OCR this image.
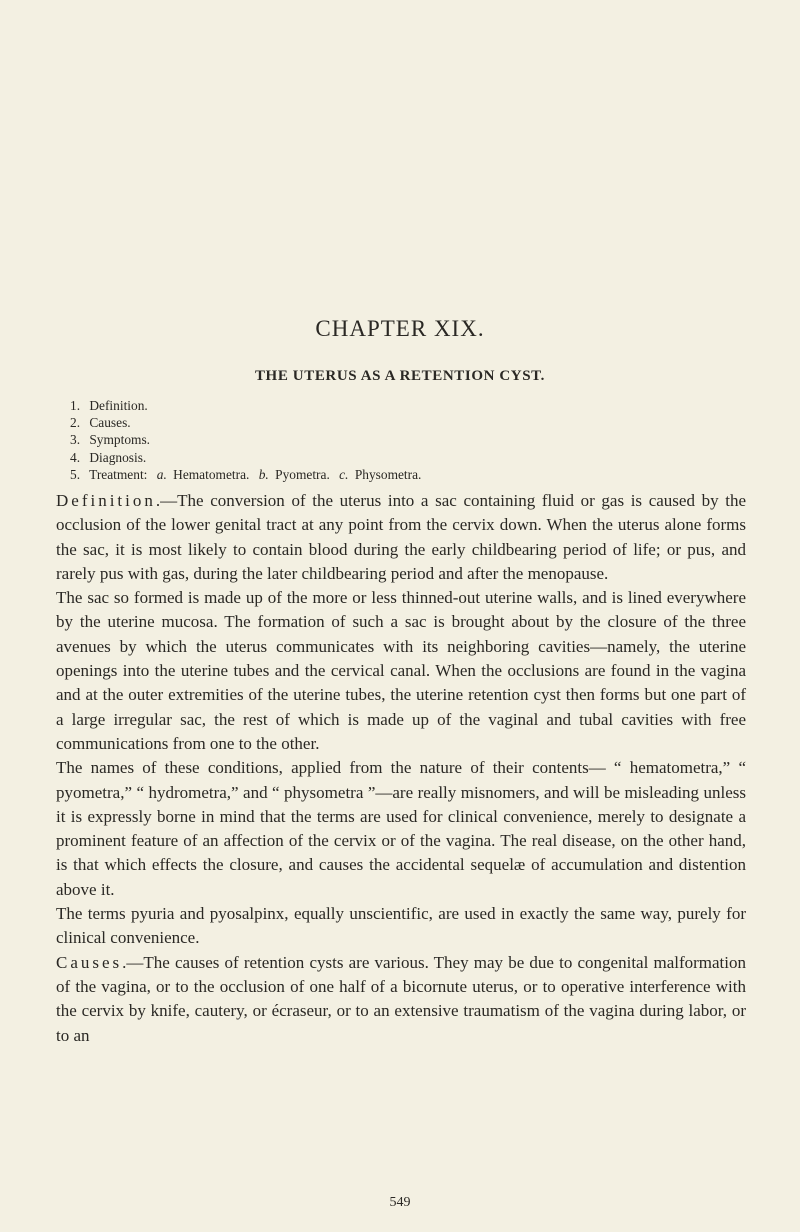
CHAPTER XIX.
THE UTERUS AS A RETENTION CYST.
1. Definition.
2. Causes.
3. Symptoms.
4. Diagnosis.
5. Treatment: a. Hematometra. b. Pyometra. c. Physometra.

Definition.—The conversion of the uterus into a sac containing fluid or gas is caused by the occlusion of the lower genital tract at any point from the cervix down. When the uterus alone forms the sac, it is most likely to contain blood during the early childbearing period of life; or pus, and rarely pus with gas, during the later childbearing period and after the menopause.

The sac so formed is made up of the more or less thinned-out uterine walls, and is lined everywhere by the uterine mucosa. The formation of such a sac is brought about by the closure of the three avenues by which the uterus communicates with its neighboring cavities—namely, the uterine openings into the uterine tubes and the cervical canal. When the occlusions are found in the vagina and at the outer extremities of the uterine tubes, the uterine retention cyst then forms but one part of a large irregular sac, the rest of which is made up of the vaginal and tubal cavities with free communications from one to the other.

The names of these conditions, applied from the nature of their contents— “ hematometra,” “ pyometra,” “ hydrometra,” and “ physometra ”—are really misnomers, and will be misleading unless it is expressly borne in mind that the terms are used for clinical convenience, merely to designate a prominent feature of an affection of the cervix or of the vagina. The real disease, on the other hand, is that which effects the closure, and causes the accidental sequelæ of accumulation and distention above it.

The terms pyuria and pyosalpinx, equally unscientific, are used in exactly the same way, purely for clinical convenience.

Causes.—The causes of retention cysts are various. They may be due to congenital malformation of the vagina, or to the occlusion of one half of a bicornute uterus, or to operative interference with the cervix by knife, cautery, or écraseur, or to an extensive traumatism of the vagina during labor, or to an

549
